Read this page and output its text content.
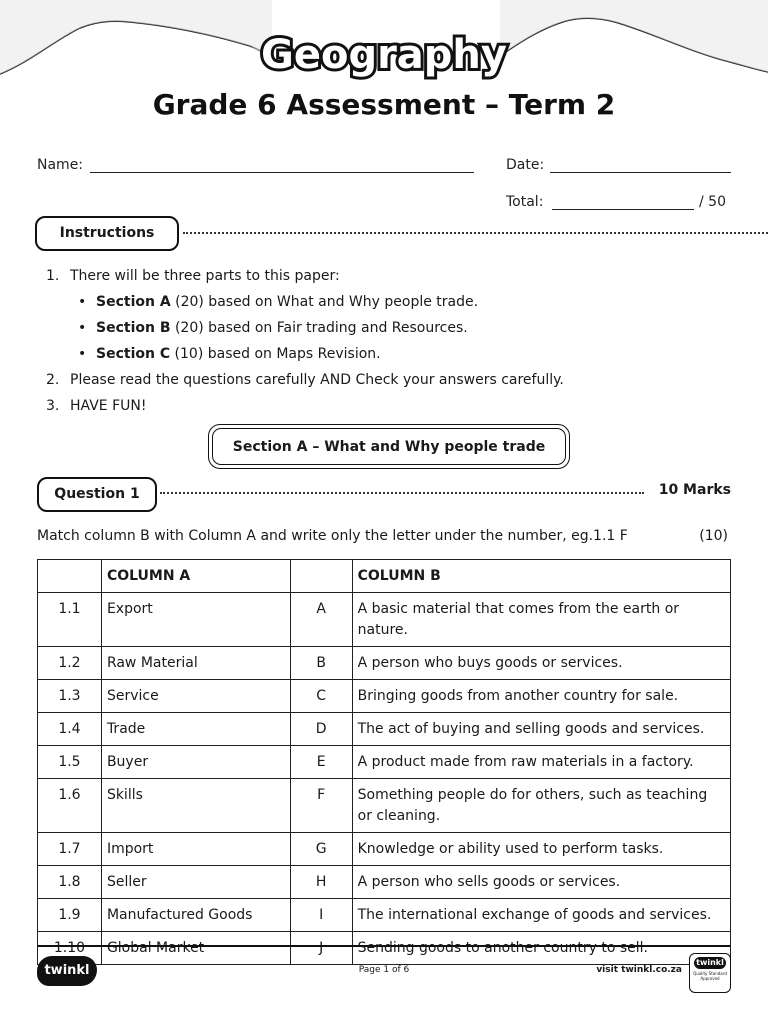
Geography
Grade 6 Assessment – Term 2
Name:	Date:
Total:	/ 50
Instructions
1. There will be three parts to this paper:
• Section A (20) based on What and Why people trade.
• Section B (20) based on Fair trading and Resources.
• Section C (10) based on Maps Revision.
2. Please read the questions carefully AND Check your answers carefully.
3. HAVE FUN!
Section A – What and Why people trade
Question 1	10 Marks
Match column B with Column A and write only the letter under the number, eg.1.1 F	(10)
	COLUMN A		COLUMN B
1.1	Export	A	A basic material that comes from the earth or nature.
1.2	Raw Material	B	A person who buys goods or services.
1.3	Service	C	Bringing goods from another country for sale.
1.4	Trade	D	The act of buying and selling goods and services.
1.5	Buyer	E	A product made from raw materials in a factory.
1.6	Skills	F	Something people do for others, such as teaching or cleaning.
1.7	Import	G	Knowledge or ability used to perform tasks.
1.8	Seller	H	A person who sells goods or services.
1.9	Manufactured Goods	I	The international exchange of goods and services.
1.10	Global Market	J	Sending goods to another country to sell.
twinkl	Page 1 of 6	visit twinkl.co.za
twinkl
Quality Standard Approved
